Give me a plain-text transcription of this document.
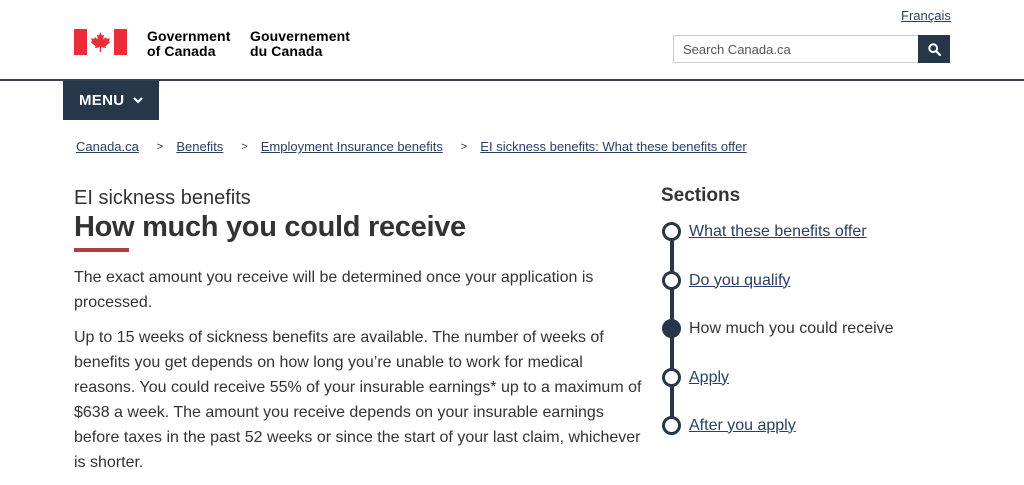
Français
Government
of Canada
Gouvernement
du Canada	Search Canada.ca
MENU
Canada.ca > Benefits > Employment Insurance benefits > EI sickness benefits: What these benefits offer
EI sickness benefits
How much you could receive

The exact amount you receive will be determined once your application is processed.

Up to 15 weeks of sickness benefits are available. The number of weeks of benefits you get depends on how long you’re unable to work for medical reasons. You could receive 55% of your insurable earnings* up to a maximum of $638 a week. The amount you receive depends on your insurable earnings before taxes in the past 52 weeks or since the start of your last claim, whichever is shorter.

Sections
What these benefits offer
Do you qualify
How much you could receive
Apply
After you apply
